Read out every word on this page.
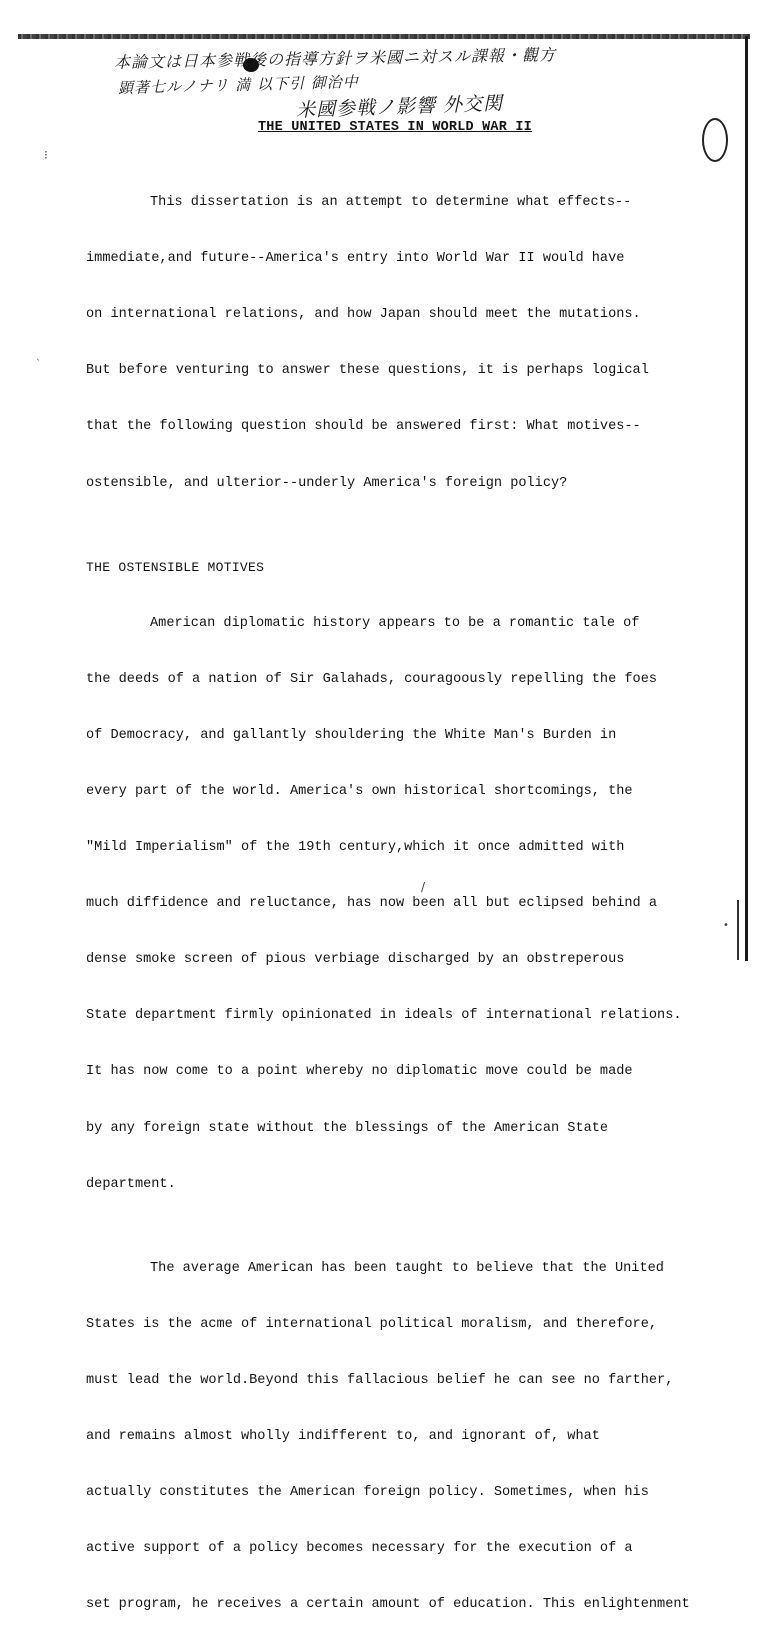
本論文は日本参戦後の指導方針ヲ米國ニ対スル課報・觀方
顕著七ルノナリ 満 以下引 御治中
米國参戦ノ影響 外交関
THE UNITED STATES IN WORLD WAR II
⁝
ˎ
/
•

This dissertation is an attempt to determine what effects--

immediate,and future--America's entry into World War II would have

on international relations, and how Japan should meet the mutations.

But before venturing to answer these questions, it is perhaps logical

that the following question should be answered first: What motives--

ostensible, and ulterior--underly America's foreign policy?

THE OSTENSIBLE MOTIVES

American diplomatic history appears to be a romantic tale of

the deeds of a nation of Sir Galahads, couragoously repelling the foes

of Democracy, and gallantly shouldering the White Man's Burden in

every part of the world. America's own historical shortcomings, the

"Mild Imperialism" of the 19th century,which it once admitted with

much diffidence and reluctance, has now been all but eclipsed behind a

dense smoke screen of pious verbiage discharged by an obstreperous

State department firmly opinionated in ideals of international relations.

It has now come to a point whereby no diplomatic move could be made

by any foreign state without the blessings of the American State

department.

The average American has been taught to believe that the United

States is the acme of international political moralism, and therefore,

must lead the world.Beyond this fallacious belief he can see no farther,

and remains almost wholly indifferent to, and ignorant of, what

actually constitutes the American foreign policy. Sometimes, when his

active support of a policy becomes necessary for the execution of a

set program, he receives a certain amount of education. This enlightenment
